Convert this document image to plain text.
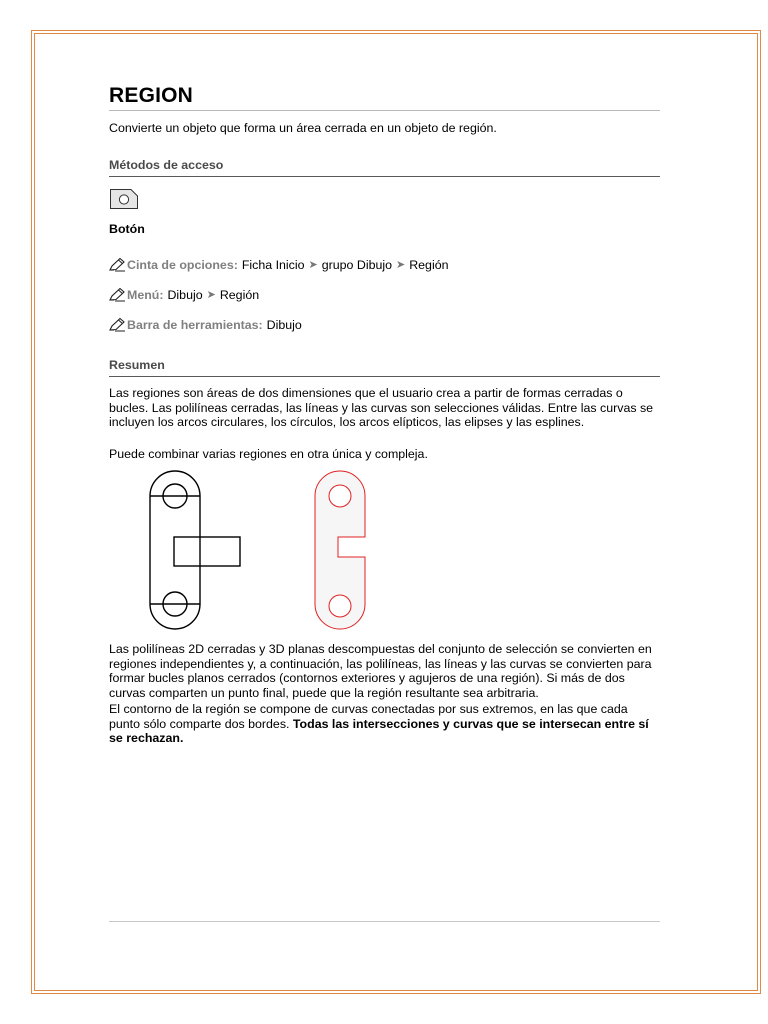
REGION
Convierte un objeto que forma un área cerrada en un objeto de región.
Métodos de acceso
Botón
Cinta de opciones: Ficha Inicio ➤ grupo Dibujo ➤ Región
Menú: Dibujo ➤ Región
Barra de herramientas: Dibujo
Resumen
Las regiones son áreas de dos dimensiones que el usuario crea a partir de formas cerradas o bucles. Las polilíneas cerradas, las líneas y las curvas son selecciones válidas. Entre las curvas se incluyen los arcos circulares, los círculos, los arcos elípticos, las elipses y las esplines.
Puede combinar varias regiones en otra única y compleja.
Las polilíneas 2D cerradas y 3D planas descompuestas del conjunto de selección se convierten en regiones independientes y, a continuación, las polilíneas, las líneas y las curvas se convierten para formar bucles planos cerrados (contornos exteriores y agujeros de una región). Si más de dos curvas comparten un punto final, puede que la región resultante sea arbitraria.
El contorno de la región se compone de curvas conectadas por sus extremos, en las que cada punto sólo comparte dos bordes. Todas las intersecciones y curvas que se intersecan entre sí se rechazan.
